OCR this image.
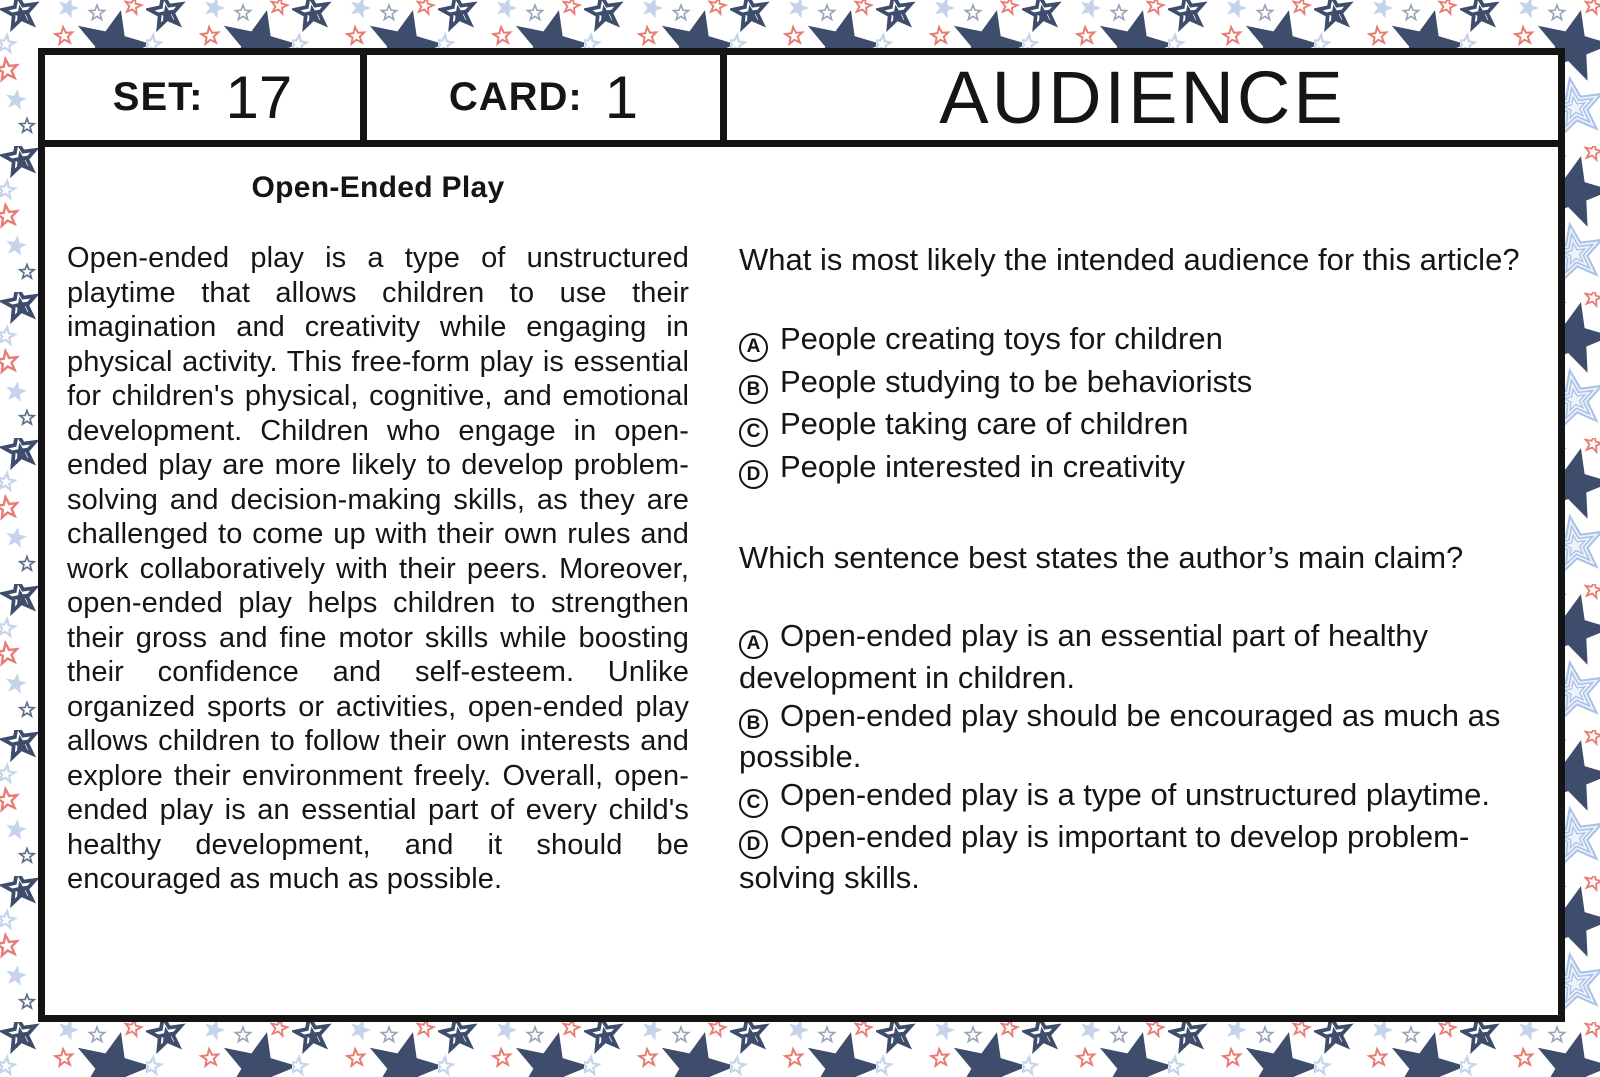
SET: 17	CARD: 1	AUDIENCE
Open-Ended Play
Open-ended play is a type of unstructured playtime that allows children to use their imagination and creativity while engaging in physical activity. This free-form play is essential for children's physical, cognitive, and emotional development. Children who engage in open-ended play are more likely to develop problem-solving and decision-making skills, as they are challenged to come up with their own rules and work collaboratively with their peers. Moreover, open-ended play helps children to strengthen their gross and fine motor skills while boosting their confidence and self-esteem. Unlike organized sports or activities, open-ended play allows children to follow their own interests and explore their environment freely. Overall, open-ended play is an essential part of every child's healthy development, and it should be encouraged as much as possible.

What is most likely the intended audience for this article?

A People creating toys for children

B People studying to be behaviorists

C People taking care of children

D People interested in creativity

Which sentence best states the author’s main claim?

A Open-ended play is an essential part of healthy development in children.

B Open-ended play should be encouraged as much as possible.

C Open-ended play is a type of unstructured playtime.

D Open-ended play is important to develop problem-solving skills.
